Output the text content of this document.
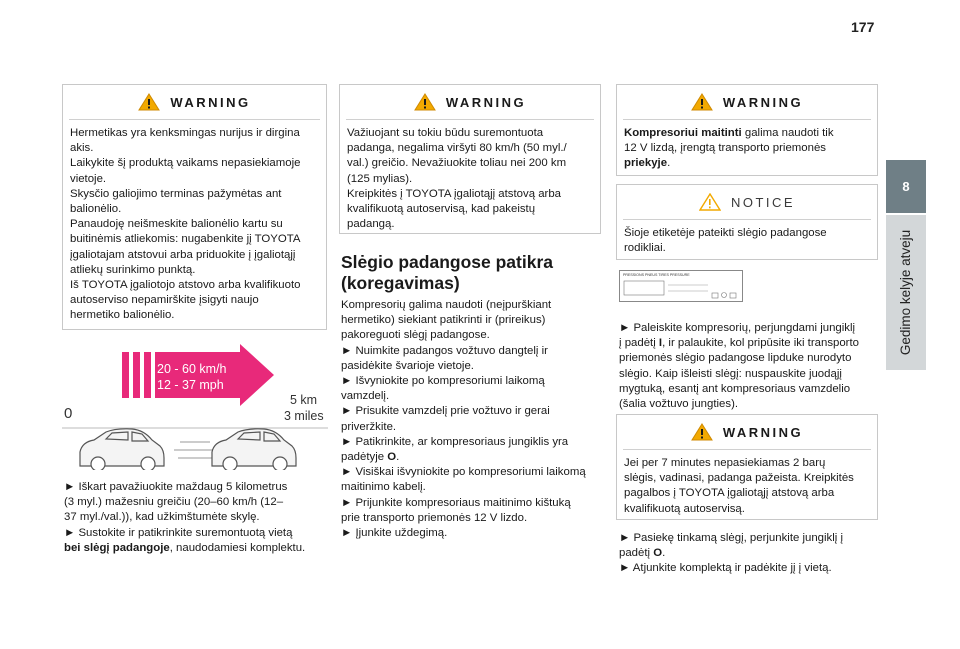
177
8
Gedimo kelyje atveju
WARNING
Hermetikas yra kenksmingas nurijus ir dirgina
akis.
Laikykite šį produktą vaikams nepasiekiamoje
vietoje.
Skysčio galiojimo terminas pažymėtas ant
balionėlio.
Panaudoję neišmeskite balionėlio kartu su
buitinėmis atliekomis: nugabenkite jį TOYOTA
įgaliotajam atstovui arba priduokite į įgaliotąjį
atliekų surinkimo punktą.
Iš TOYOTA įgaliotojo atstovo arba kvalifikuoto
autoserviso nepamirškite įsigyti naujo
hermetiko balionėlio.
20 - 60 km/h
12 - 37 mph
5 km
3 miles
0
► Iškart pavažiuokite maždaug 5 kilometrus
(3 myl.) mažesniu greičiu (20–60 km/h (12–
37 myl./val.)), kad užkimštumėte skylę.
► Sustokite ir patikrinkite suremontuotą vietą
bei slėgį padangoje, naudodamiesi komplektu.
WARNING
Važiuojant su tokiu būdu suremontuota
padanga, negalima viršyti 80 km/h (50 myl./
val.) greičio. Nevažiuokite toliau nei 200 km
(125 mylias).
Kreipkitės į TOYOTA įgaliotąjį atstovą arba
kvalifikuotą autoservisą, kad pakeistų
padangą.
Slėgio padangose patikra
(koregavimas)
Kompresorių galima naudoti (neįpurškiant
hermetiko) siekiant patikrinti ir (prireikus)
pakoreguoti slėgį padangose.
► Nuimkite padangos vožtuvo dangtelį ir
pasidėkite švarioje vietoje.
► Išvyniokite po kompresoriumi laikomą
vamzdelį.
► Prisukite vamzdelį prie vožtuvo ir gerai
priveržkite.
► Patikrinkite, ar kompresoriaus jungiklis yra
padėtyje O.
► Visiškai išvyniokite po kompresoriumi laikomą
maitinimo kabelį.
► Prijunkite kompresoriaus maitinimo kištuką
prie transporto priemonės 12 V lizdo.
► Įjunkite uždegimą.
WARNING
Kompresoriui maitinti galima naudoti tik
12 V lizdą, įrengtą transporto priemonės
priekyje.
NOTICE
Šioje etiketėje pateikti slėgio padangose
rodikliai.
PRESSIONS PNEUS TIRES PRESSURE
► Paleiskite kompresorių, perjungdami jungiklį
į padėtį I, ir palaukite, kol pripūsite iki transporto
priemonės slėgio padangose lipduke nurodyto
slėgio. Kaip išleisti slėgį: nuspauskite juodąjį
mygtuką, esantį ant kompresoriaus vamzdelio
(šalia vožtuvo jungties).
WARNING
Jei per 7 minutes nepasiekiamas 2 barų
slėgis, vadinasi, padanga pažeista. Kreipkitės
pagalbos į TOYOTA įgaliotąjį atstovą arba
kvalifikuotą autoservisą.
► Pasiekę tinkamą slėgį, perjunkite jungiklį į
padėtį O.
► Atjunkite komplektą ir padėkite jį į vietą.
